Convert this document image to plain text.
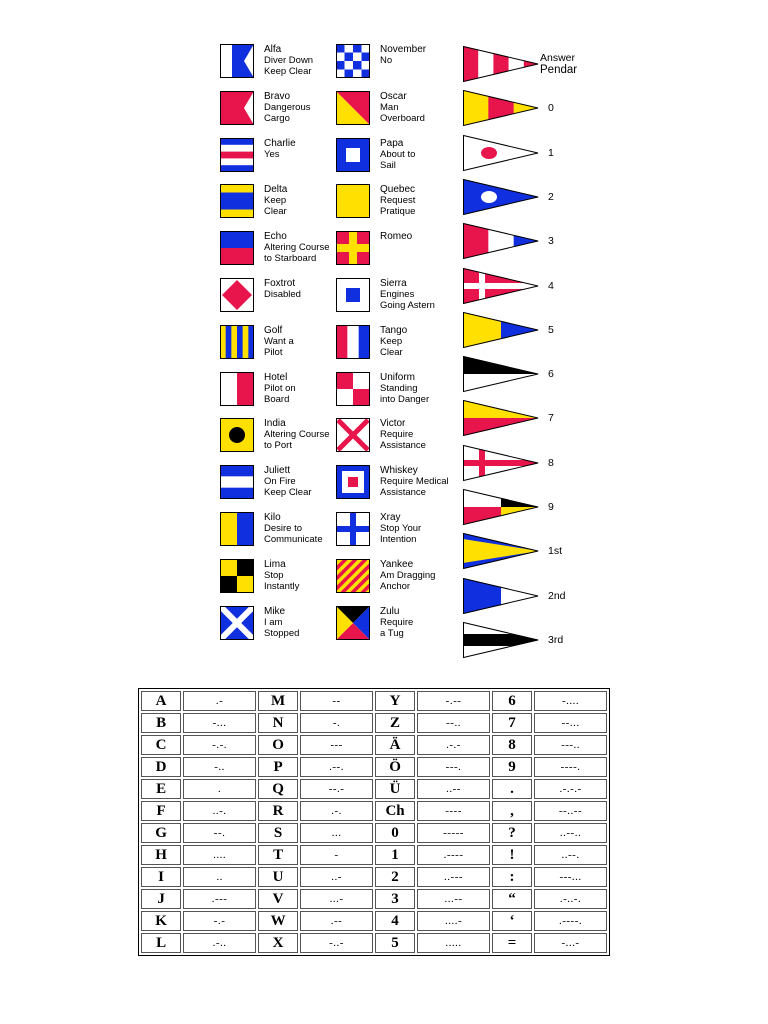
Alfa
Diver Down
Keep Clear
Bravo
Dangerous
Cargo
Charlie
Yes
Delta
Keep
Clear
Echo
Altering Course
to Starboard
Foxtrot
Disabled
Golf
Want a
Pilot
Hotel
Pilot on
Board
India
Altering Course
to Port
Juliett
On Fire
Keep Clear
Kilo
Desire to
Communicate
Lima
Stop
Instantly
Mike
I am
Stopped
November
No
Oscar
Man
Overboard
Papa
About to
Sail
Quebec
Request
Pratique
Romeo
Sierra
Engines
Going Astern
Tango
Keep
Clear
Uniform
Standing
into Danger
Victor
Require
Assistance
Whiskey
Require Medical
Assistance
Xray
Stop Your
Intention
Yankee
Am Dragging
Anchor
Zulu
Require
a Tug
Answer
Pendar
0
1
2
3
4
5
6
7
8
9
1st
2nd
3rd
A	.-	M	--	Y	-.--	6	-....
B	-...	N	-.	Z	--..	7	--...
C	-.-.	O	---	Ä	.-.-	8	---..
D	-..	P	.--.	Ö	---.	9	----.
E	.	Q	--.-	Ü	..--	.	.-.-.-
F	..-.	R	.-.	Ch	----	,	--..--
G	--.	S	...	0	-----	?	..--..
H	....	T	-	1	.----	!	..--.
I	..	U	..-	2	..---	:	---...
J	.---	V	...-	3	...--	“	.-..-.
K	-.-	W	.--	4	....-	‘	.----.
L	.-..	X	-..-	5	.....	=	-...-
